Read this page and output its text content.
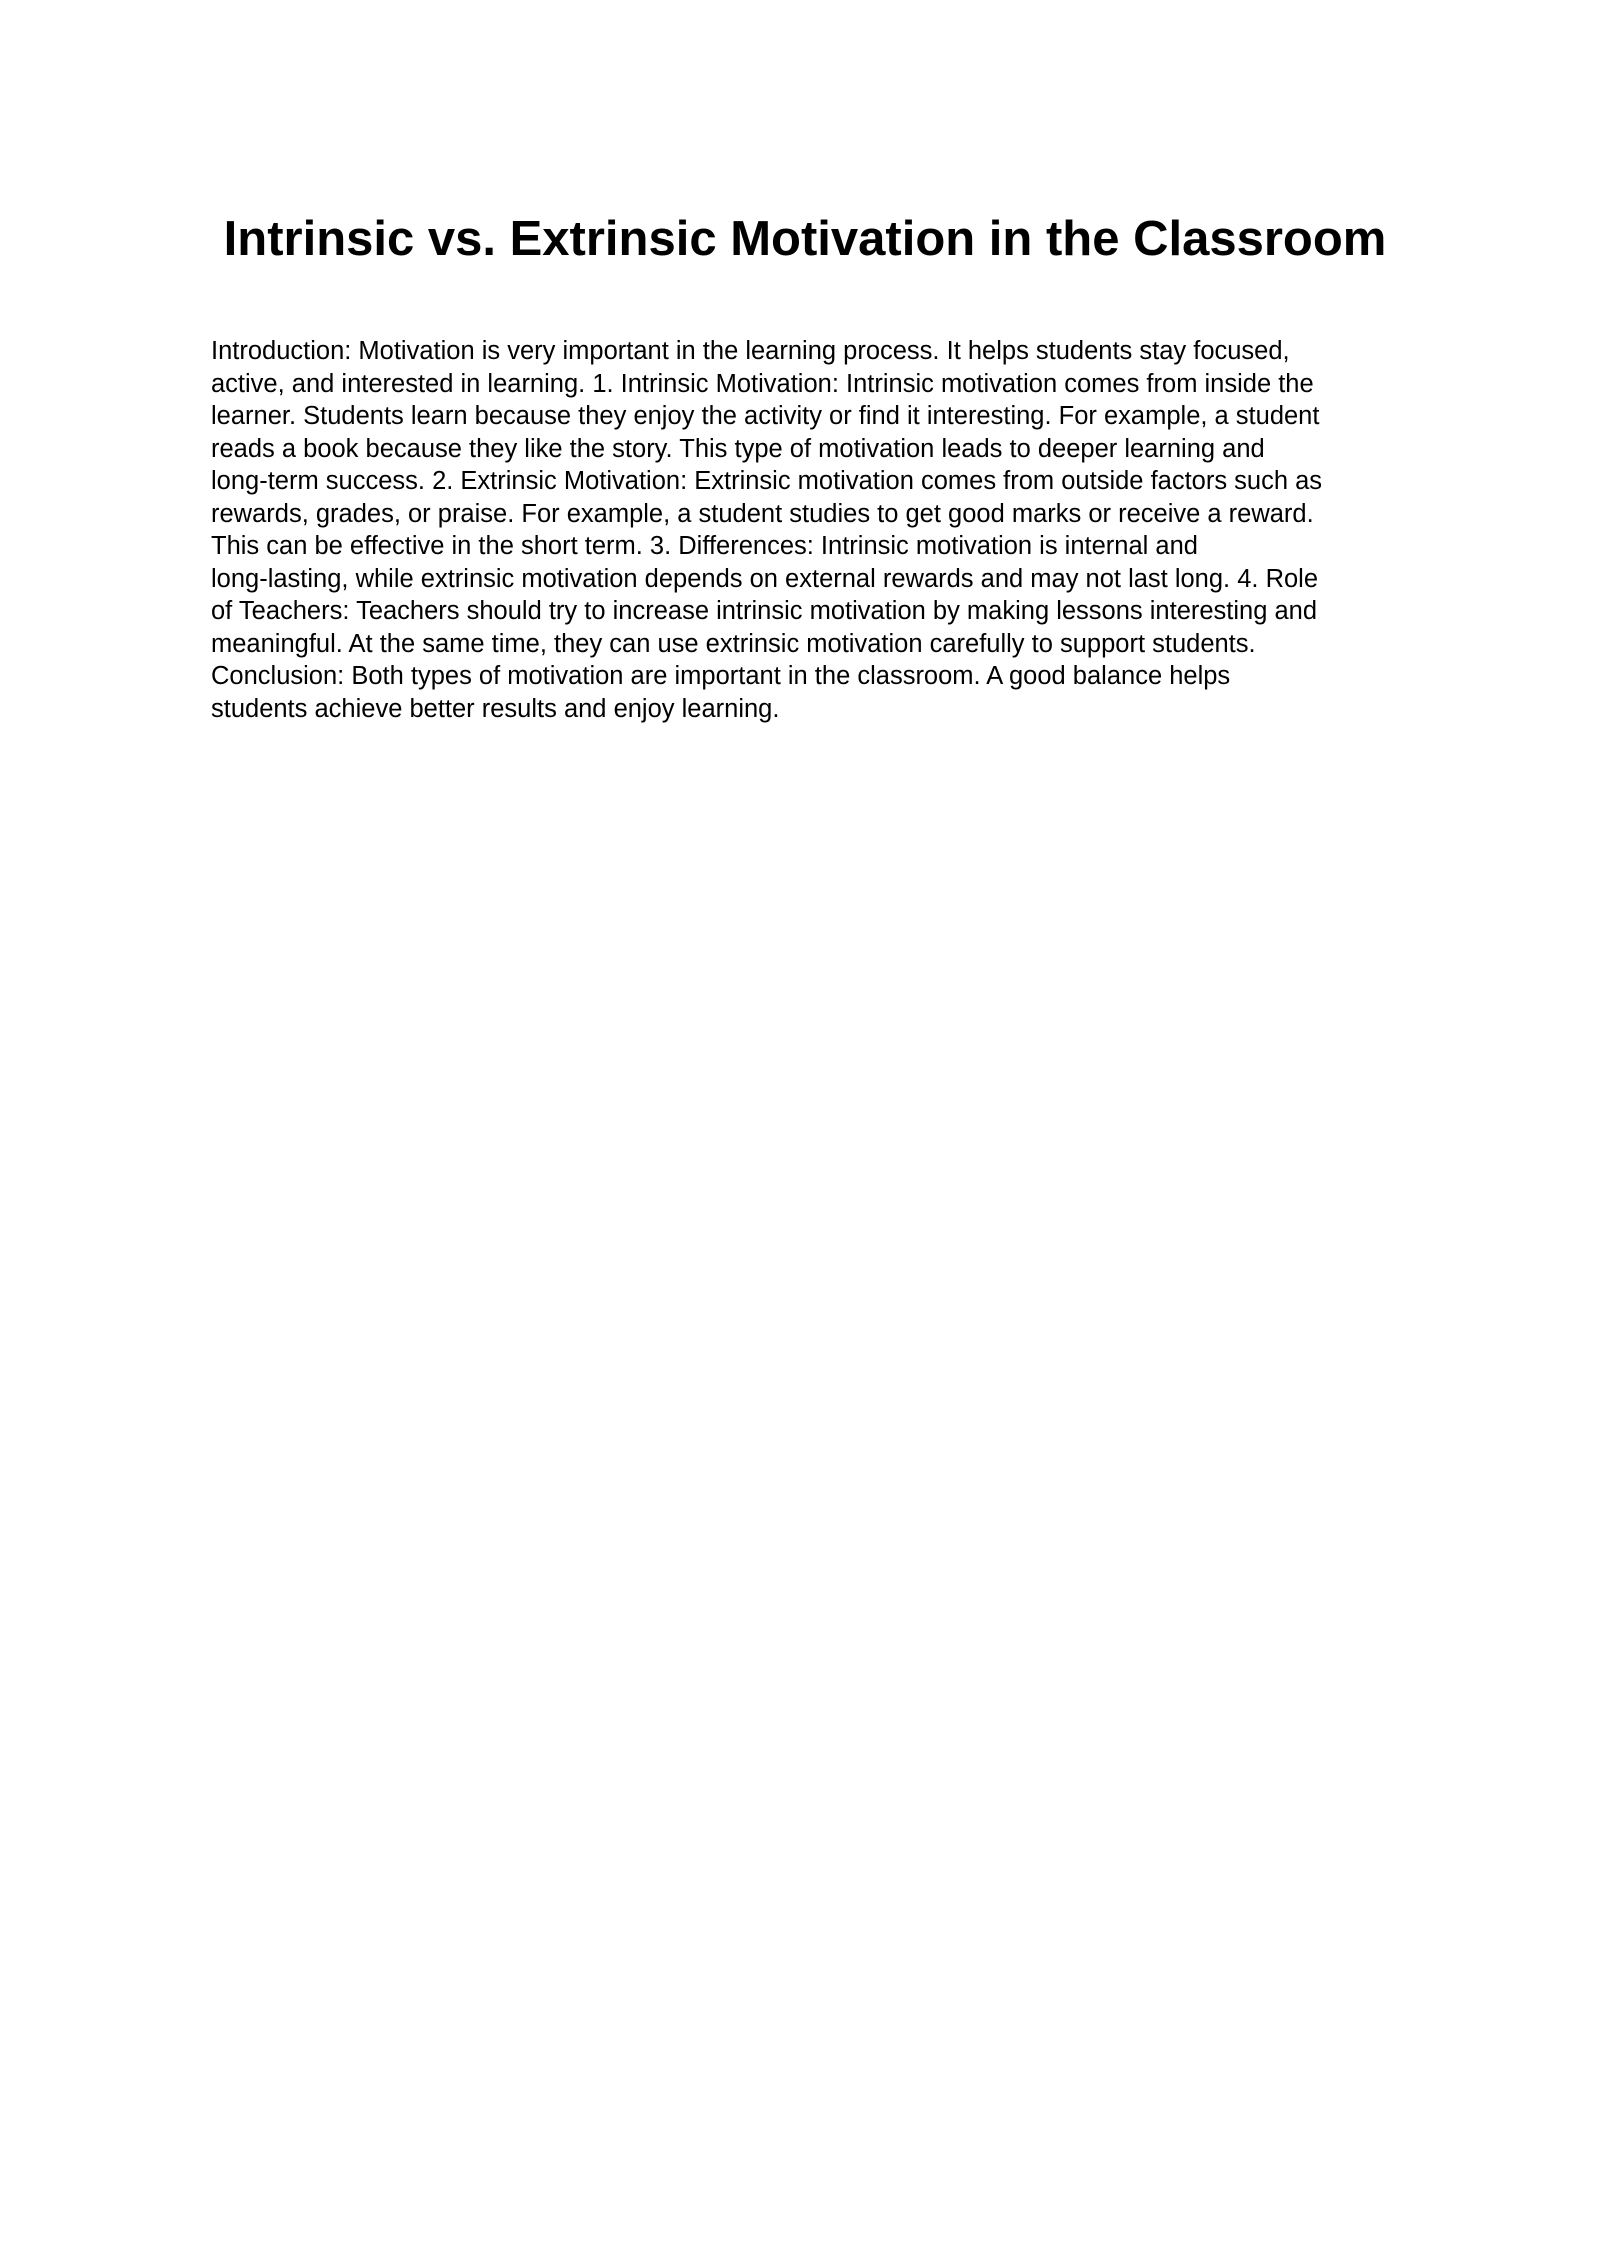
Intrinsic vs. Extrinsic Motivation in the Classroom
Introduction: Motivation is very important in the learning process. It helps students stay focused,
active, and interested in learning. 1. Intrinsic Motivation: Intrinsic motivation comes from inside the
learner. Students learn because they enjoy the activity or find it interesting. For example, a student
reads a book because they like the story. This type of motivation leads to deeper learning and
long-term success. 2. Extrinsic Motivation: Extrinsic motivation comes from outside factors such as
rewards, grades, or praise. For example, a student studies to get good marks or receive a reward.
This can be effective in the short term. 3. Differences: Intrinsic motivation is internal and
long-lasting, while extrinsic motivation depends on external rewards and may not last long. 4. Role
of Teachers: Teachers should try to increase intrinsic motivation by making lessons interesting and
meaningful. At the same time, they can use extrinsic motivation carefully to support students.
Conclusion: Both types of motivation are important in the classroom. A good balance helps
students achieve better results and enjoy learning.
